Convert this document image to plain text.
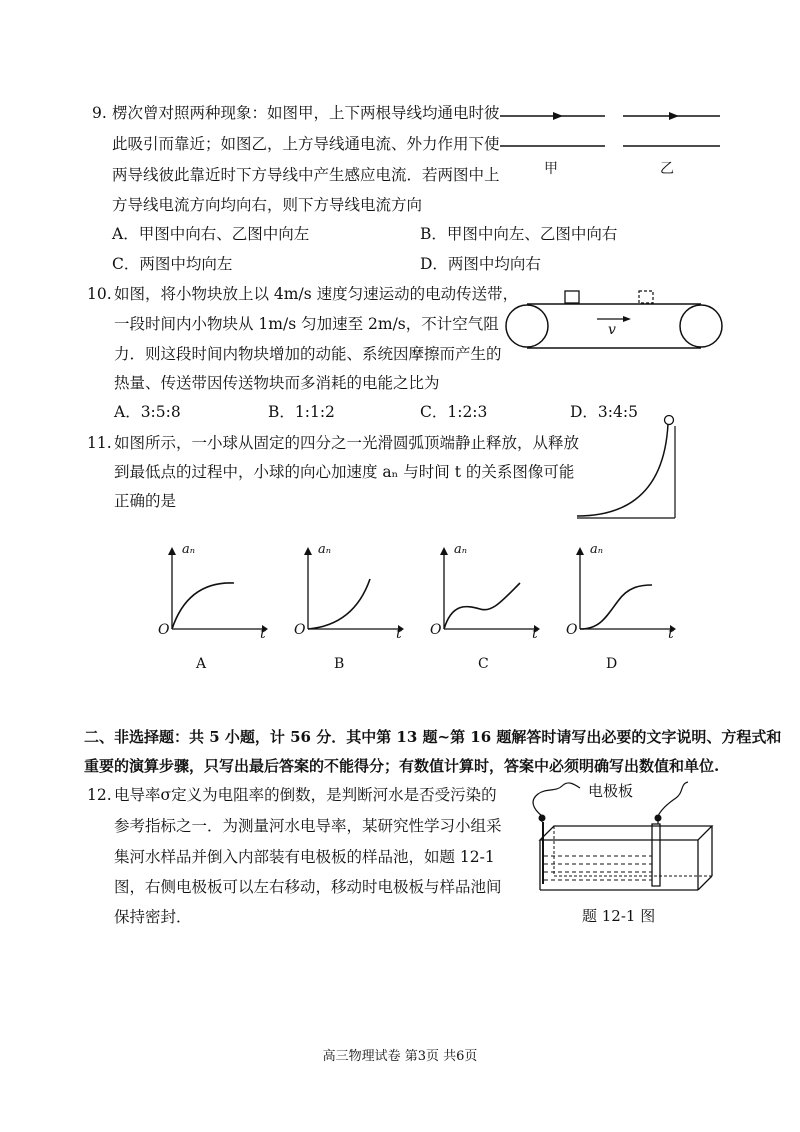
9. 楞次曾对照两种现象：如图甲，上下两根导线均通电时彼
此吸引而靠近；如图乙，上方导线通电流、外力作用下使
两导线彼此靠近时下方导线中产生感应电流．若两图中上
方导线电流方向均向右，则下方导线电流方向
甲	乙
A．甲图中向右、乙图中向左	B．甲图中向左、乙图中向右
C．两图中均向左	D．两图中均向右
10. 如图，将小物块放上以 4m/s 速度匀速运动的电动传送带，
一段时间内小物块从 1m/s 匀加速至 2m/s，不计空气阻
力．则这段时间内物块增加的动能、系统因摩擦而产生的
热量、传送带因传送物块而多消耗的电能之比为
v
A．3:5:8	B．1:1:2	C．1:2:3	D．3:4:5
11. 如图所示，一小球从固定的四分之一光滑圆弧顶端静止释放，从释放
到最低点的过程中，小球的向心加速度 aₙ 与时间 t 的关系图像可能
正确的是
aₙ	aₙ	aₙ	aₙ
O	O	O	O
t	t	t	t
A	B	C	D
二、非选择题：共 5 小题，计 56 分．其中第 13 题~第 16 题解答时请写出必要的文字说明、方程式和
重要的演算步骤，只写出最后答案的不能得分；有数值计算时，答案中必须明确写出数值和单位.
12. 电导率σ定义为电阻率的倒数，是判断河水是否受污染的
参考指标之一．为测量河水电导率，某研究性学习小组采
集河水样品并倒入内部装有电极板的样品池，如题 12-1
图，右侧电极板可以左右移动，移动时电极板与样品池间
保持密封．
电极板
题 12-1 图
高三物理试卷 第3页 共6页
